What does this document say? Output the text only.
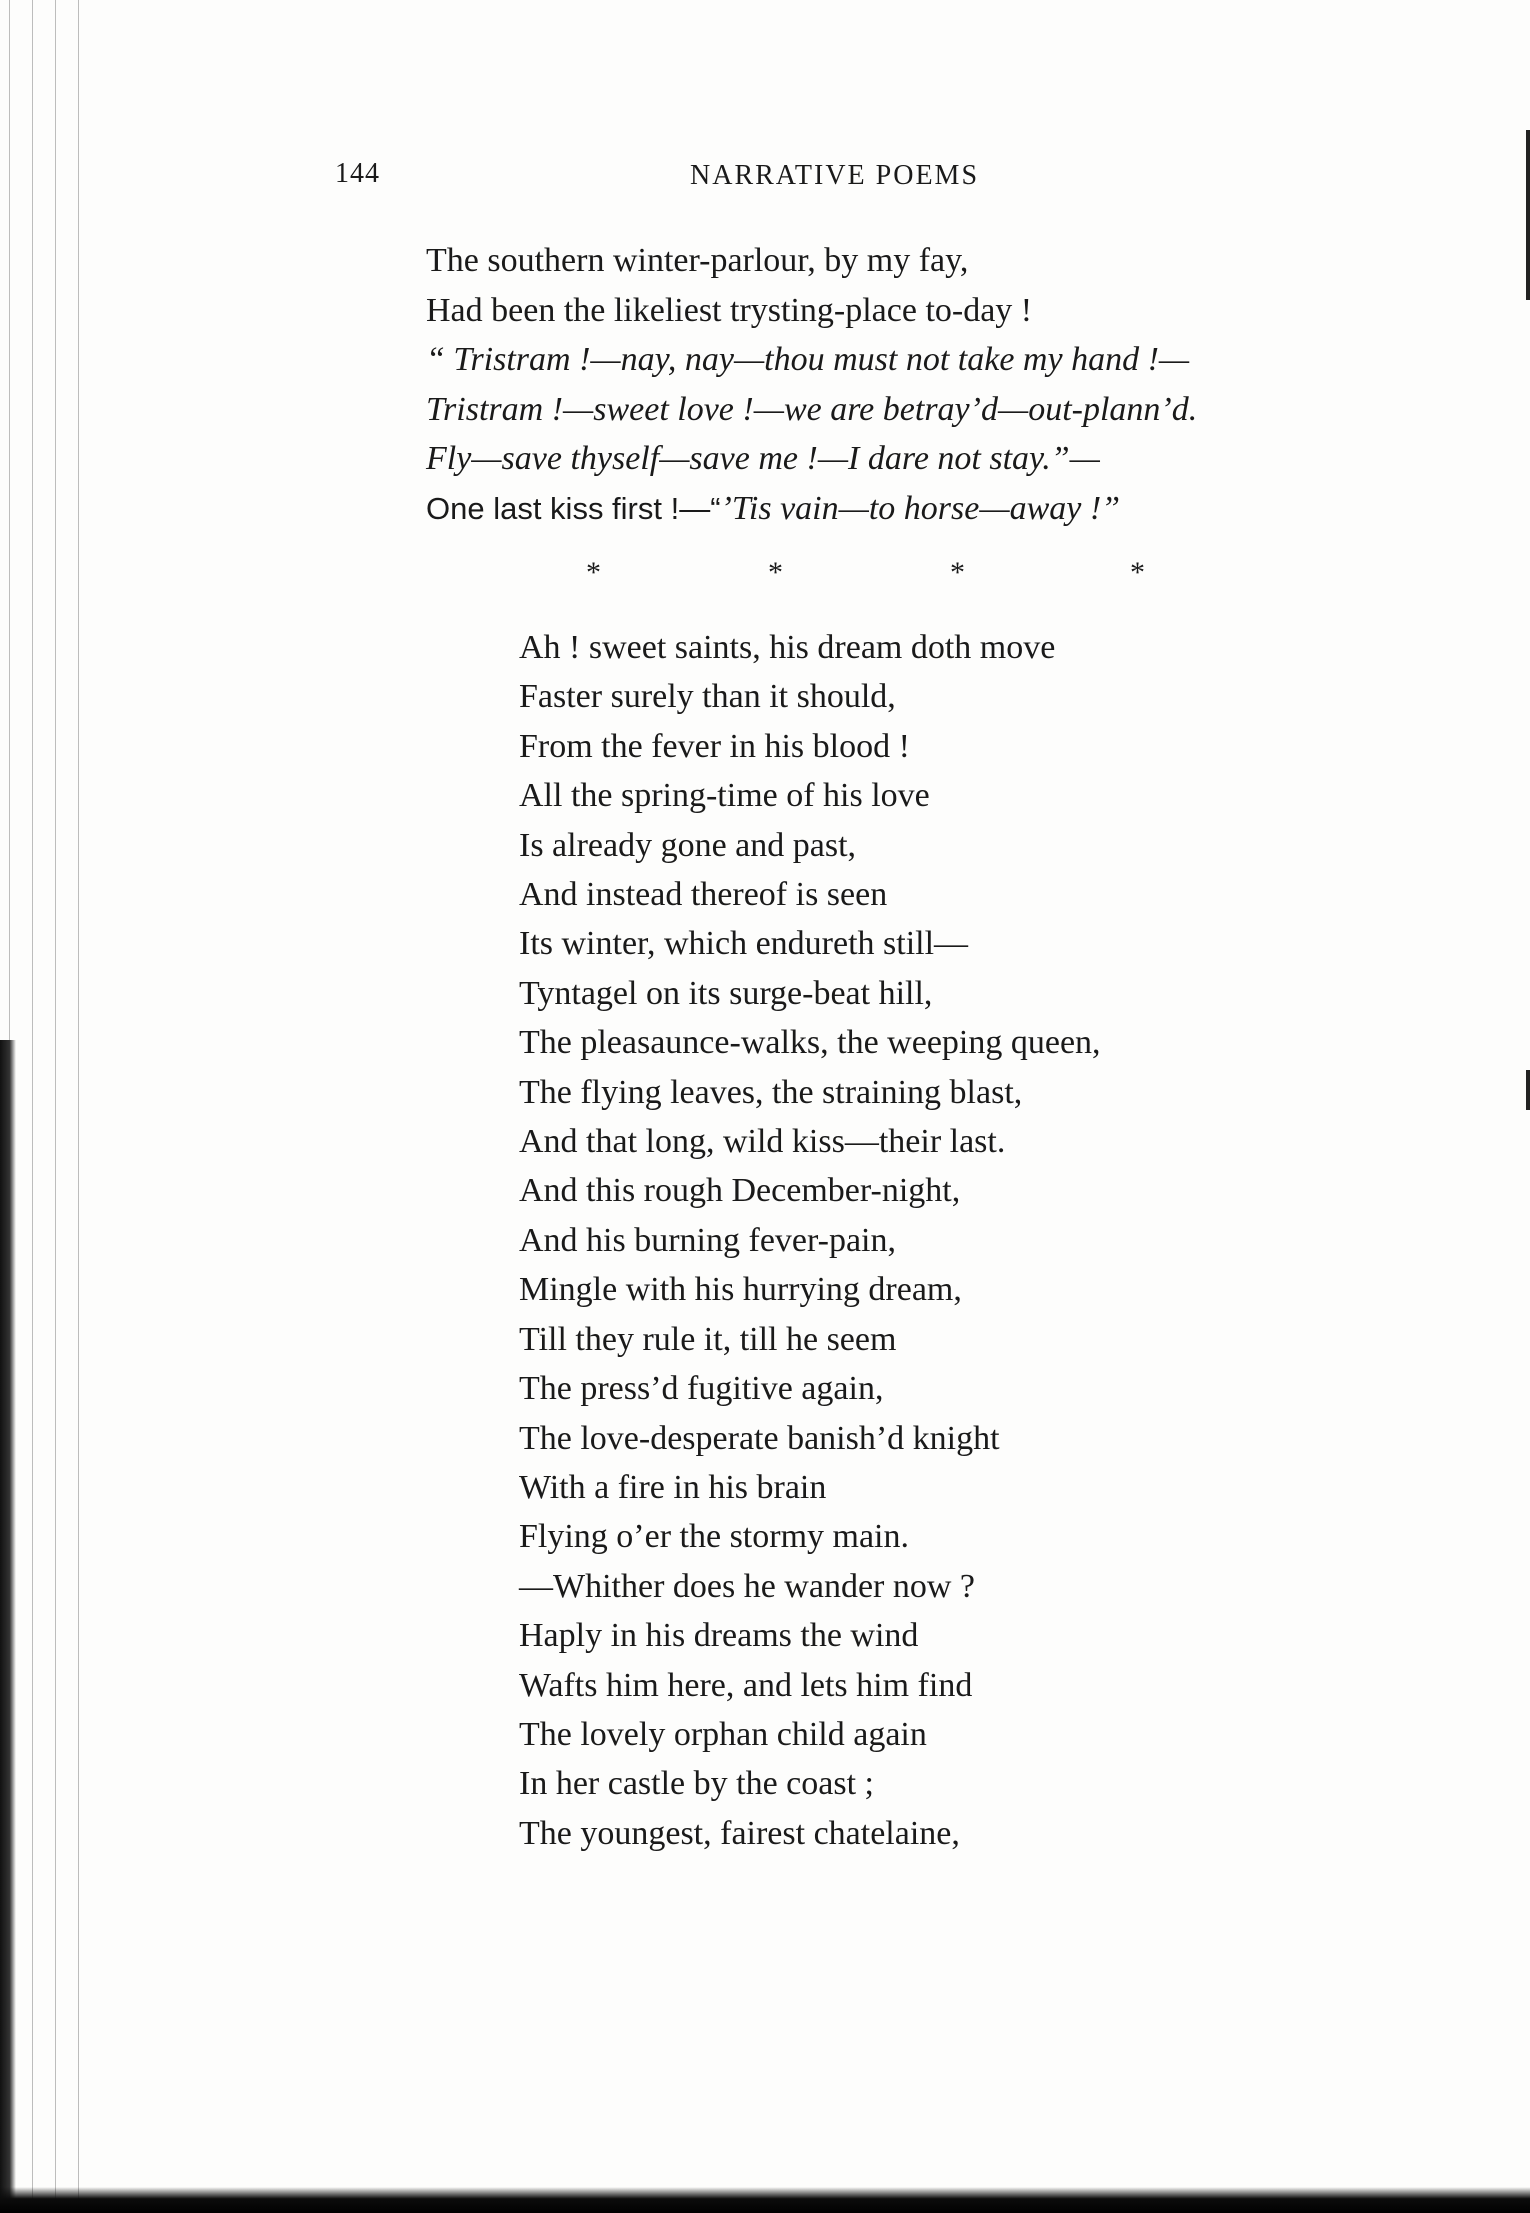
144	NARRATIVE POEMS
The southern winter-parlour, by my fay,
Had been the likeliest trysting-place to-day !
“ Tristram !—nay, nay—thou must not take my hand !—
Tristram !—sweet love !—we are betray’d—out-plann’d.
Fly—save thyself—save me !—I dare not stay.”—
One last kiss first !—“’Tis vain—to horse—away !”
*	*	*	*
Ah ! sweet saints, his dream doth move
Faster surely than it should,
From the fever in his blood !
All the spring-time of his love
Is already gone and past,
And instead thereof is seen
Its winter, which endureth still—
Tyntagel on its surge-beat hill,
The pleasaunce-walks, the weeping queen,
The flying leaves, the straining blast,
And that long, wild kiss—their last.
And this rough December-night,
And his burning fever-pain,
Mingle with his hurrying dream,
Till they rule it, till he seem
The press’d fugitive again,
The love-desperate banish’d knight
With a fire in his brain
Flying o’er the stormy main.
—Whither does he wander now ?
Haply in his dreams the wind
Wafts him here, and lets him find
The lovely orphan child again
In her castle by the coast ;
The youngest, fairest chatelaine,
